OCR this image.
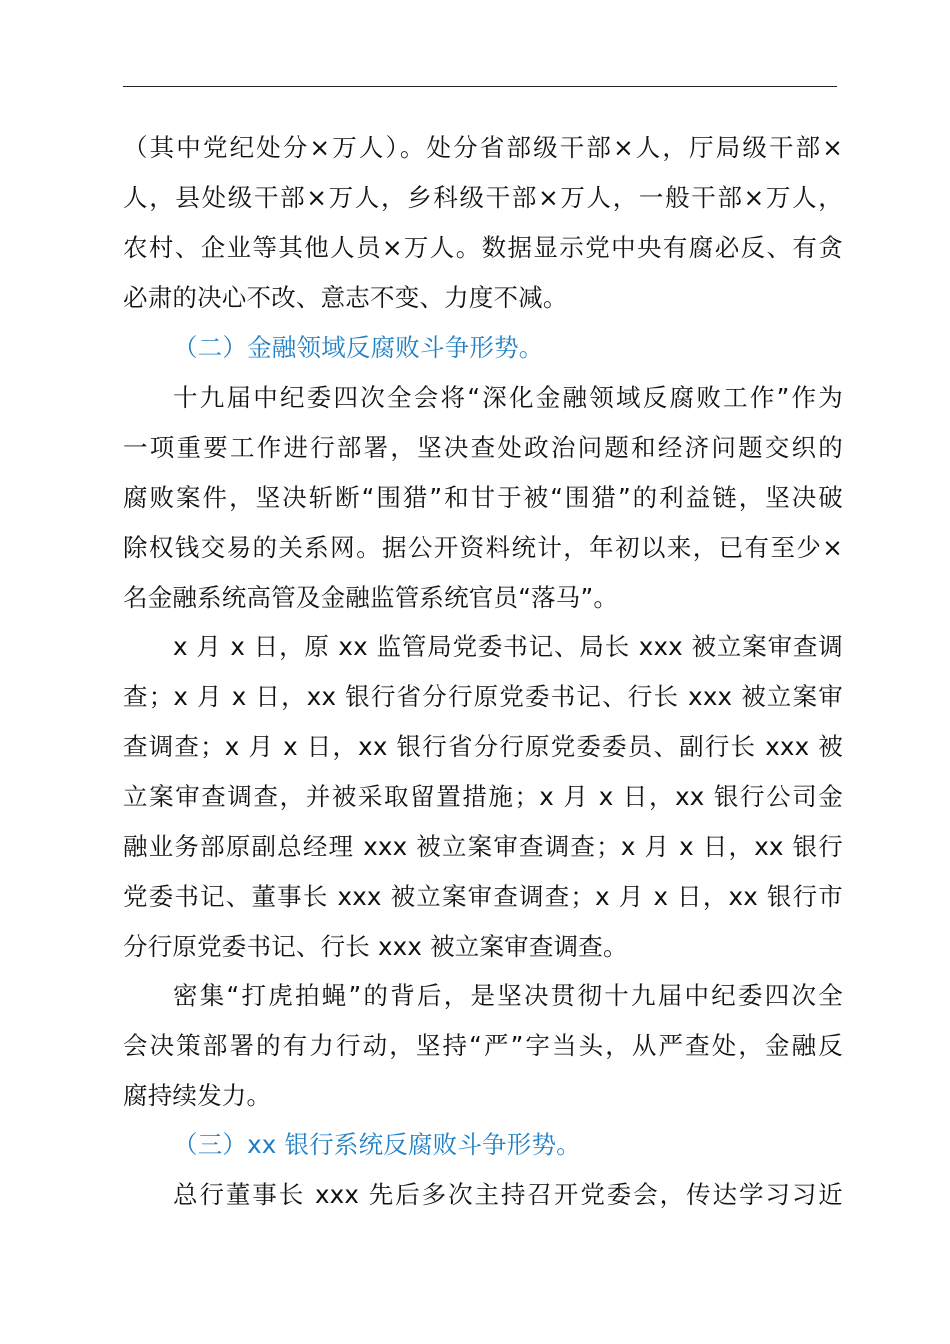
（其中党纪处分×万人）。处分省部级干部×人，厅局级干部×
人，县处级干部×万人，乡科级干部×万人，一般干部×万人，
农村、企业等其他人员×万人。数据显示党中央有腐必反、有贪
必肃的决心不改、意志不变、力度不减。
（二）金融领域反腐败斗争形势。
十九届中纪委四次全会将“深化金融领域反腐败工作”作为
一项重要工作进行部署，坚决查处政治问题和经济问题交织的
腐败案件，坚决斩断“围猎”和甘于被“围猎”的利益链，坚决破
除权钱交易的关系网。据公开资料统计，年初以来，已有至少×
名金融系统高管及金融监管系统官员“落马”。
x 月 x 日，原 xx 监管局党委书记、局长 xxx 被立案审查调
查；x 月 x 日，xx 银行省分行原党委书记、行长 xxx 被立案审
查调查；x 月 x 日，xx 银行省分行原党委委员、副行长 xxx 被
立案审查调查，并被采取留置措施；x 月 x 日，xx 银行公司金
融业务部原副总经理 xxx 被立案审查调查；x 月 x 日，xx 银行
党委书记、董事长 xxx 被立案审查调查；x 月 x 日，xx 银行市
分行原党委书记、行长 xxx 被立案审查调查。
密集“打虎拍蝇”的背后，是坚决贯彻十九届中纪委四次全
会决策部署的有力行动，坚持“严”字当头，从严查处，金融反
腐持续发力。
（三）xx 银行系统反腐败斗争形势。
总行董事长 xxx 先后多次主持召开党委会，传达学习习近
